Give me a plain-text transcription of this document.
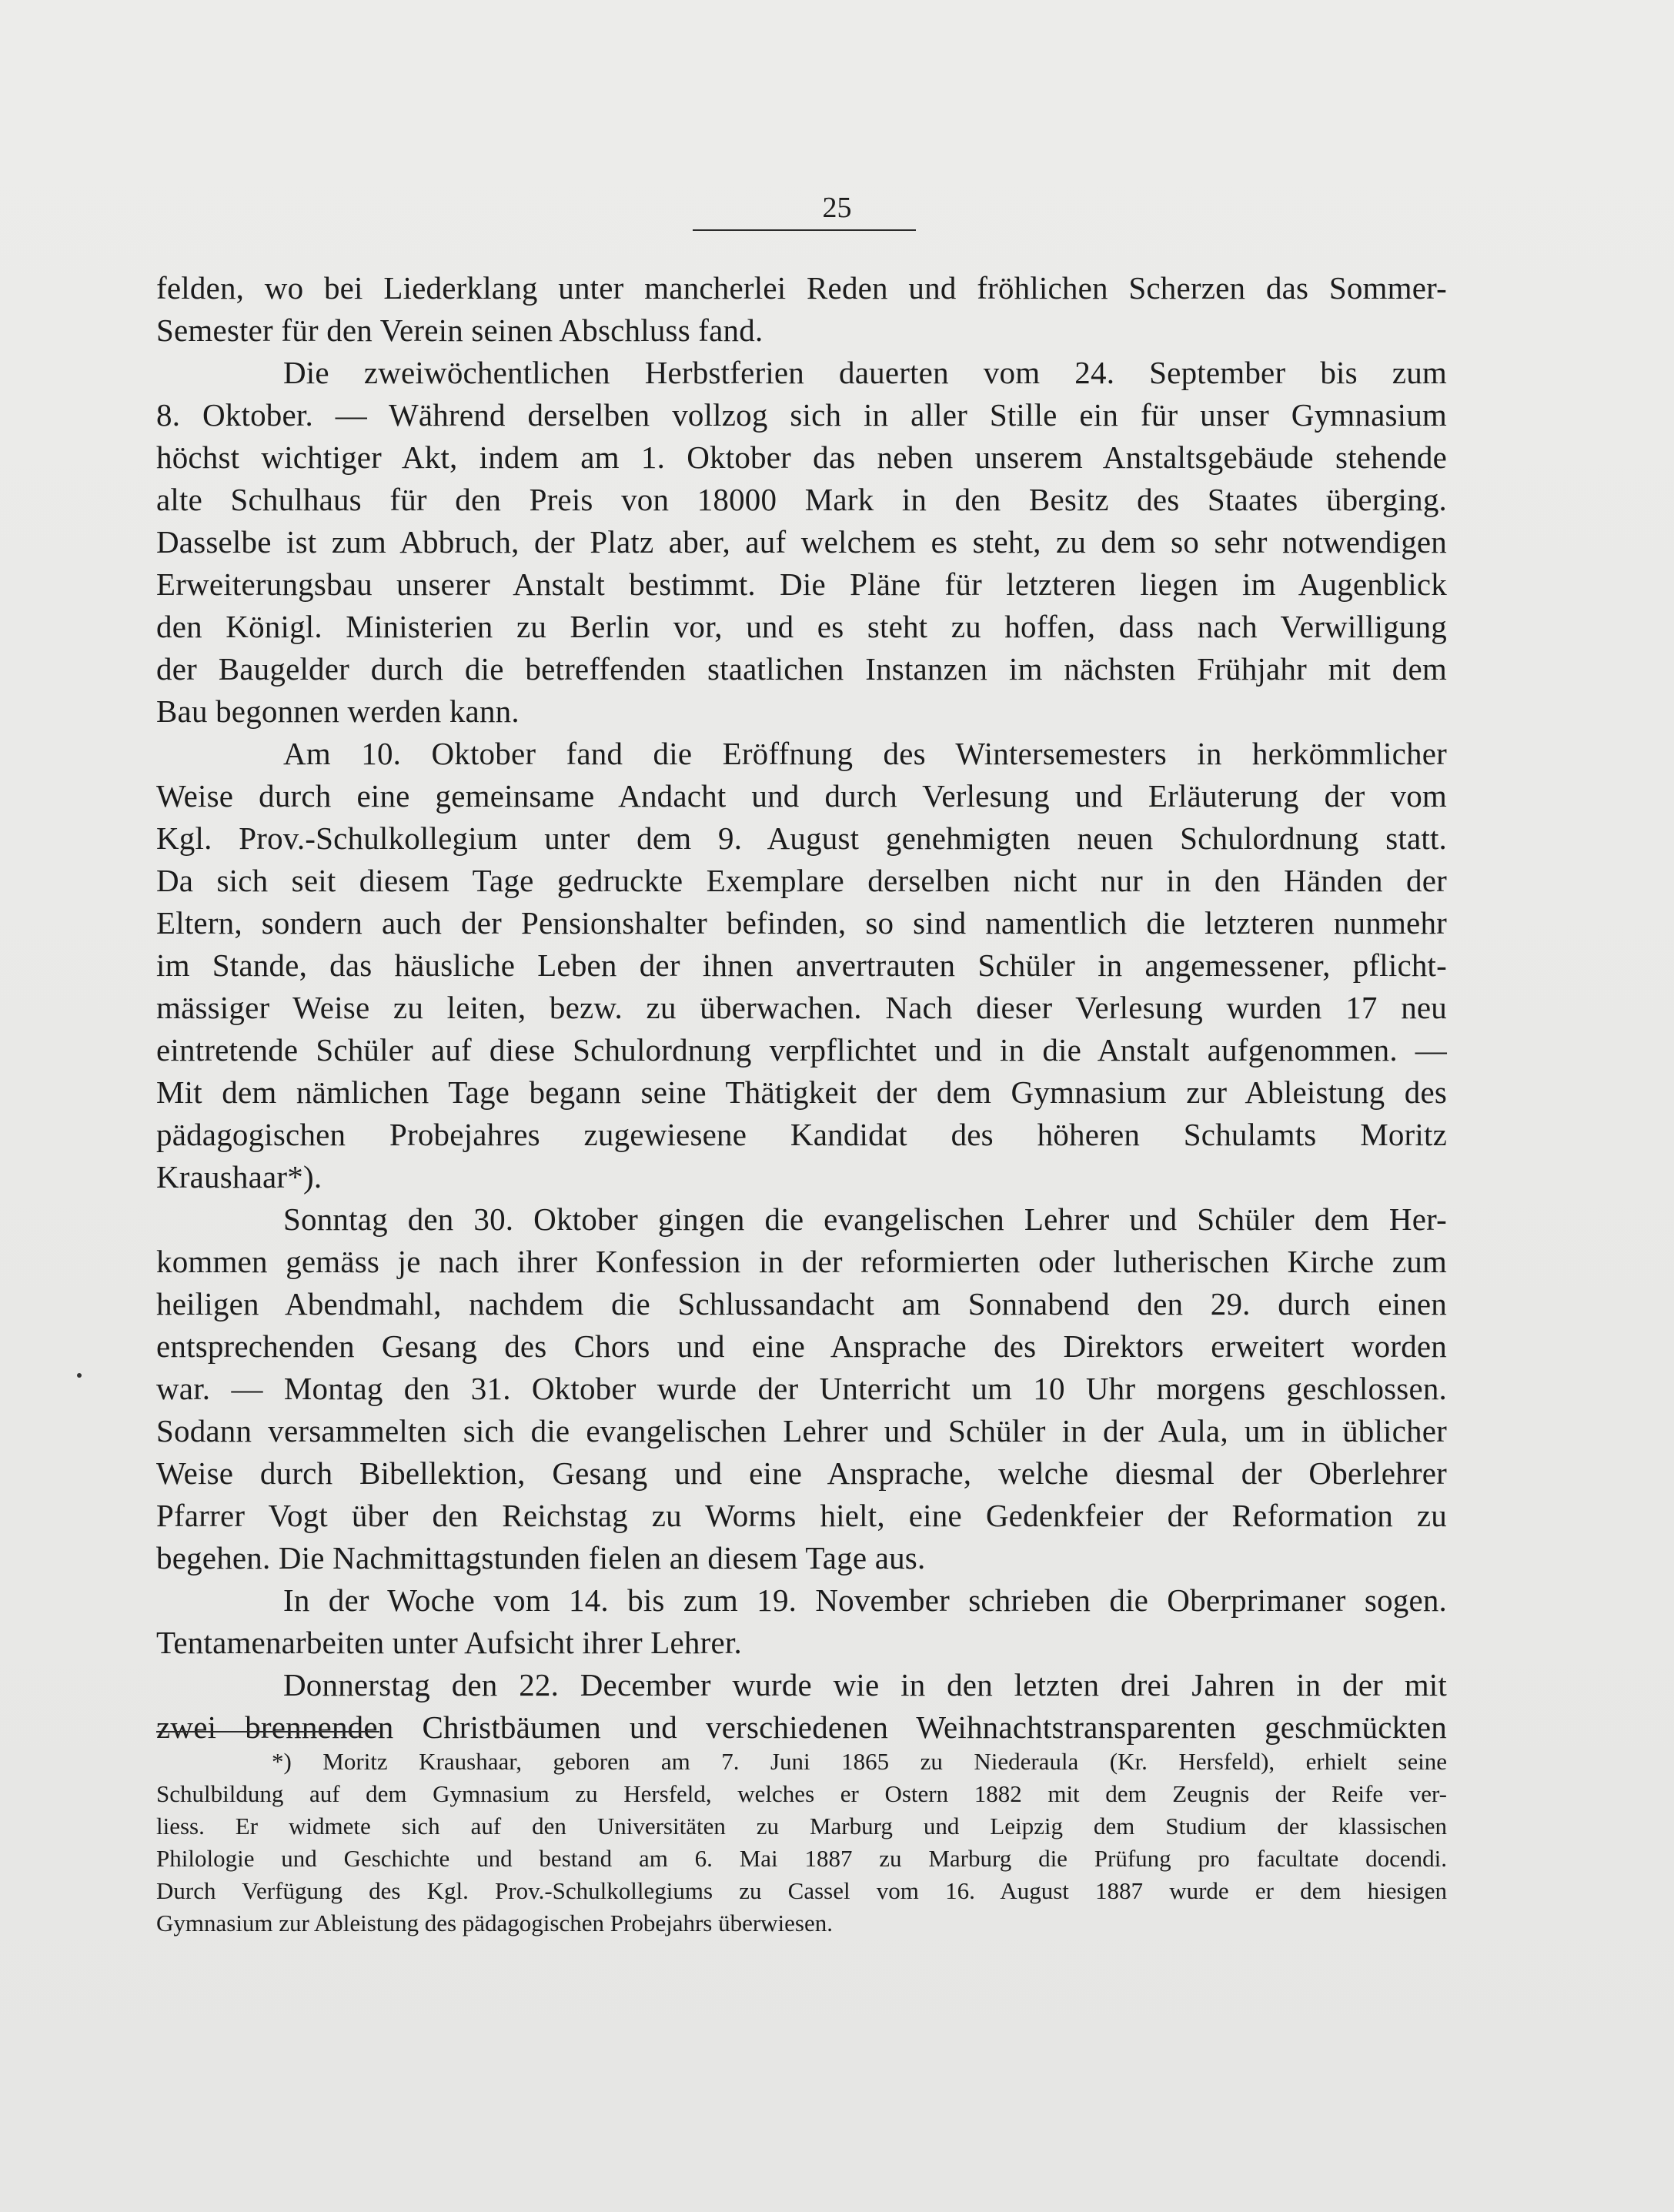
25
felden, wo bei Liederklang unter mancherlei Reden und fröhlichen Scherzen das Sommer-
Semester für den Verein seinen Abschluss fand.
Die zweiwöchentlichen Herbstferien dauerten vom 24. September bis zum
8. Oktober. — Während derselben vollzog sich in aller Stille ein für unser Gymnasium
höchst wichtiger Akt, indem am 1. Oktober das neben unserem Anstaltsgebäude stehende
alte Schulhaus für den Preis von 18000 Mark in den Besitz des Staates überging.
Dasselbe ist zum Abbruch, der Platz aber, auf welchem es steht, zu dem so sehr notwendigen
Erweiterungsbau unserer Anstalt bestimmt. Die Pläne für letzteren liegen im Augenblick
den Königl. Ministerien zu Berlin vor, und es steht zu hoffen, dass nach Verwilligung
der Baugelder durch die betreffenden staatlichen Instanzen im nächsten Frühjahr mit dem
Bau begonnen werden kann.
Am 10. Oktober fand die Eröffnung des Wintersemesters in herkömmlicher
Weise durch eine gemeinsame Andacht und durch Verlesung und Erläuterung der vom
Kgl. Prov.-Schulkollegium unter dem 9. August genehmigten neuen Schulordnung statt.
Da sich seit diesem Tage gedruckte Exemplare derselben nicht nur in den Händen der
Eltern, sondern auch der Pensionshalter befinden, so sind namentlich die letzteren nunmehr
im Stande, das häusliche Leben der ihnen anvertrauten Schüler in angemessener, pflicht-
mässiger Weise zu leiten, bezw. zu überwachen. Nach dieser Verlesung wurden 17 neu
eintretende Schüler auf diese Schulordnung verpflichtet und in die Anstalt aufgenommen. —
Mit dem nämlichen Tage begann seine Thätigkeit der dem Gymnasium zur Ableistung des
pädagogischen Probejahres zugewiesene Kandidat des höheren Schulamts Moritz
Kraushaar*).
Sonntag den 30. Oktober gingen die evangelischen Lehrer und Schüler dem Her-
kommen gemäss je nach ihrer Konfession in der reformierten oder lutherischen Kirche zum
heiligen Abendmahl, nachdem die Schlussandacht am Sonnabend den 29. durch einen
entsprechenden Gesang des Chors und eine Ansprache des Direktors erweitert worden
war. — Montag den 31. Oktober wurde der Unterricht um 10 Uhr morgens geschlossen.
Sodann versammelten sich die evangelischen Lehrer und Schüler in der Aula, um in üblicher
Weise durch Bibellektion, Gesang und eine Ansprache, welche diesmal der Oberlehrer
Pfarrer Vogt über den Reichstag zu Worms hielt, eine Gedenkfeier der Reformation zu
begehen. Die Nachmittagstunden fielen an diesem Tage aus.
In der Woche vom 14. bis zum 19. November schrieben die Oberprimaner sogen.
Tentamenarbeiten unter Aufsicht ihrer Lehrer.
Donnerstag den 22. December wurde wie in den letzten drei Jahren in der mit
zwei brennenden Christbäumen und verschiedenen Weihnachtstransparenten geschmückten
*) Moritz Kraushaar, geboren am 7. Juni 1865 zu Niederaula (Kr. Hersfeld), erhielt seine
Schulbildung auf dem Gymnasium zu Hersfeld, welches er Ostern 1882 mit dem Zeugnis der Reife ver-
liess. Er widmete sich auf den Universitäten zu Marburg und Leipzig dem Studium der klassischen
Philologie und Geschichte und bestand am 6. Mai 1887 zu Marburg die Prüfung pro facultate docendi.
Durch Verfügung des Kgl. Prov.-Schulkollegiums zu Cassel vom 16. August 1887 wurde er dem hiesigen
Gymnasium zur Ableistung des pädagogischen Probejahrs überwiesen.
